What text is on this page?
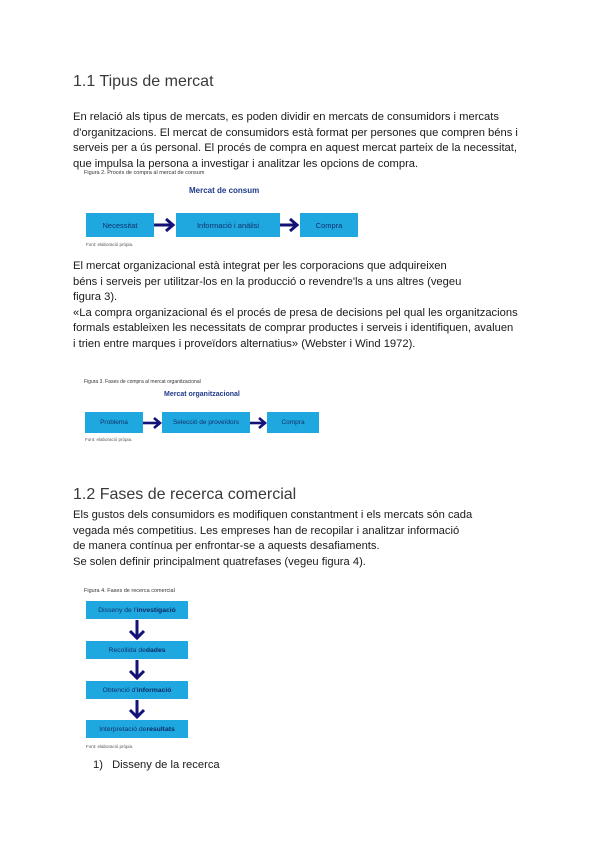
1.1 Tipus de mercat
En relació als tipus de mercats, es poden dividir en mercats de consumidors i mercats
d'organitzacions. El mercat de consumidors està format per persones que compren béns i
serveis per a ús personal. El procés de compra en aquest mercat parteix de la necessitat,
que impulsa la persona a investigar i analitzar les opcions de compra.
Figura 2. Procés de compra al mercat de consum
Mercat de consum
Necessitat	Informació i anàlisi	Compra
Font: elaboració pròpia.
El mercat organizacional està integrat per les corporacions que adquireixen
béns i serveis per utilitzar-los en la producció o revendre'ls a uns altres (vegeu
figura 3).
«La compra organizacional és el procés de presa de decisions pel qual les organitzacions
formals estableixen les necessitats de comprar productes i serveis i identifiquen, avaluen
i trien entre marques i proveïdors alternatius» (Webster i Wind 1972).
Figura 3. Fases de compra al mercat organitzacional
Mercat organitzacional
Problema	Selecció de proveïdors	Compra
Font: elaboració pròpia.
1.2 Fases de recerca comercial
Els gustos dels consumidors es modifiquen constantment i els mercats són cada
vegada més competitius. Les empreses han de recopilar i analitzar informació
de manera contínua per enfrontar-se a aquests desafiaments.
Se solen definir principalment quatrefases (vegeu figura 4).
Figura 4. Fases de recerca comercial
Disseny de l' investigació
Recollida de dades
Obtenció d' informació
Interpretació de resultats
Font: elaboració pròpia.
1) Disseny de la recerca
